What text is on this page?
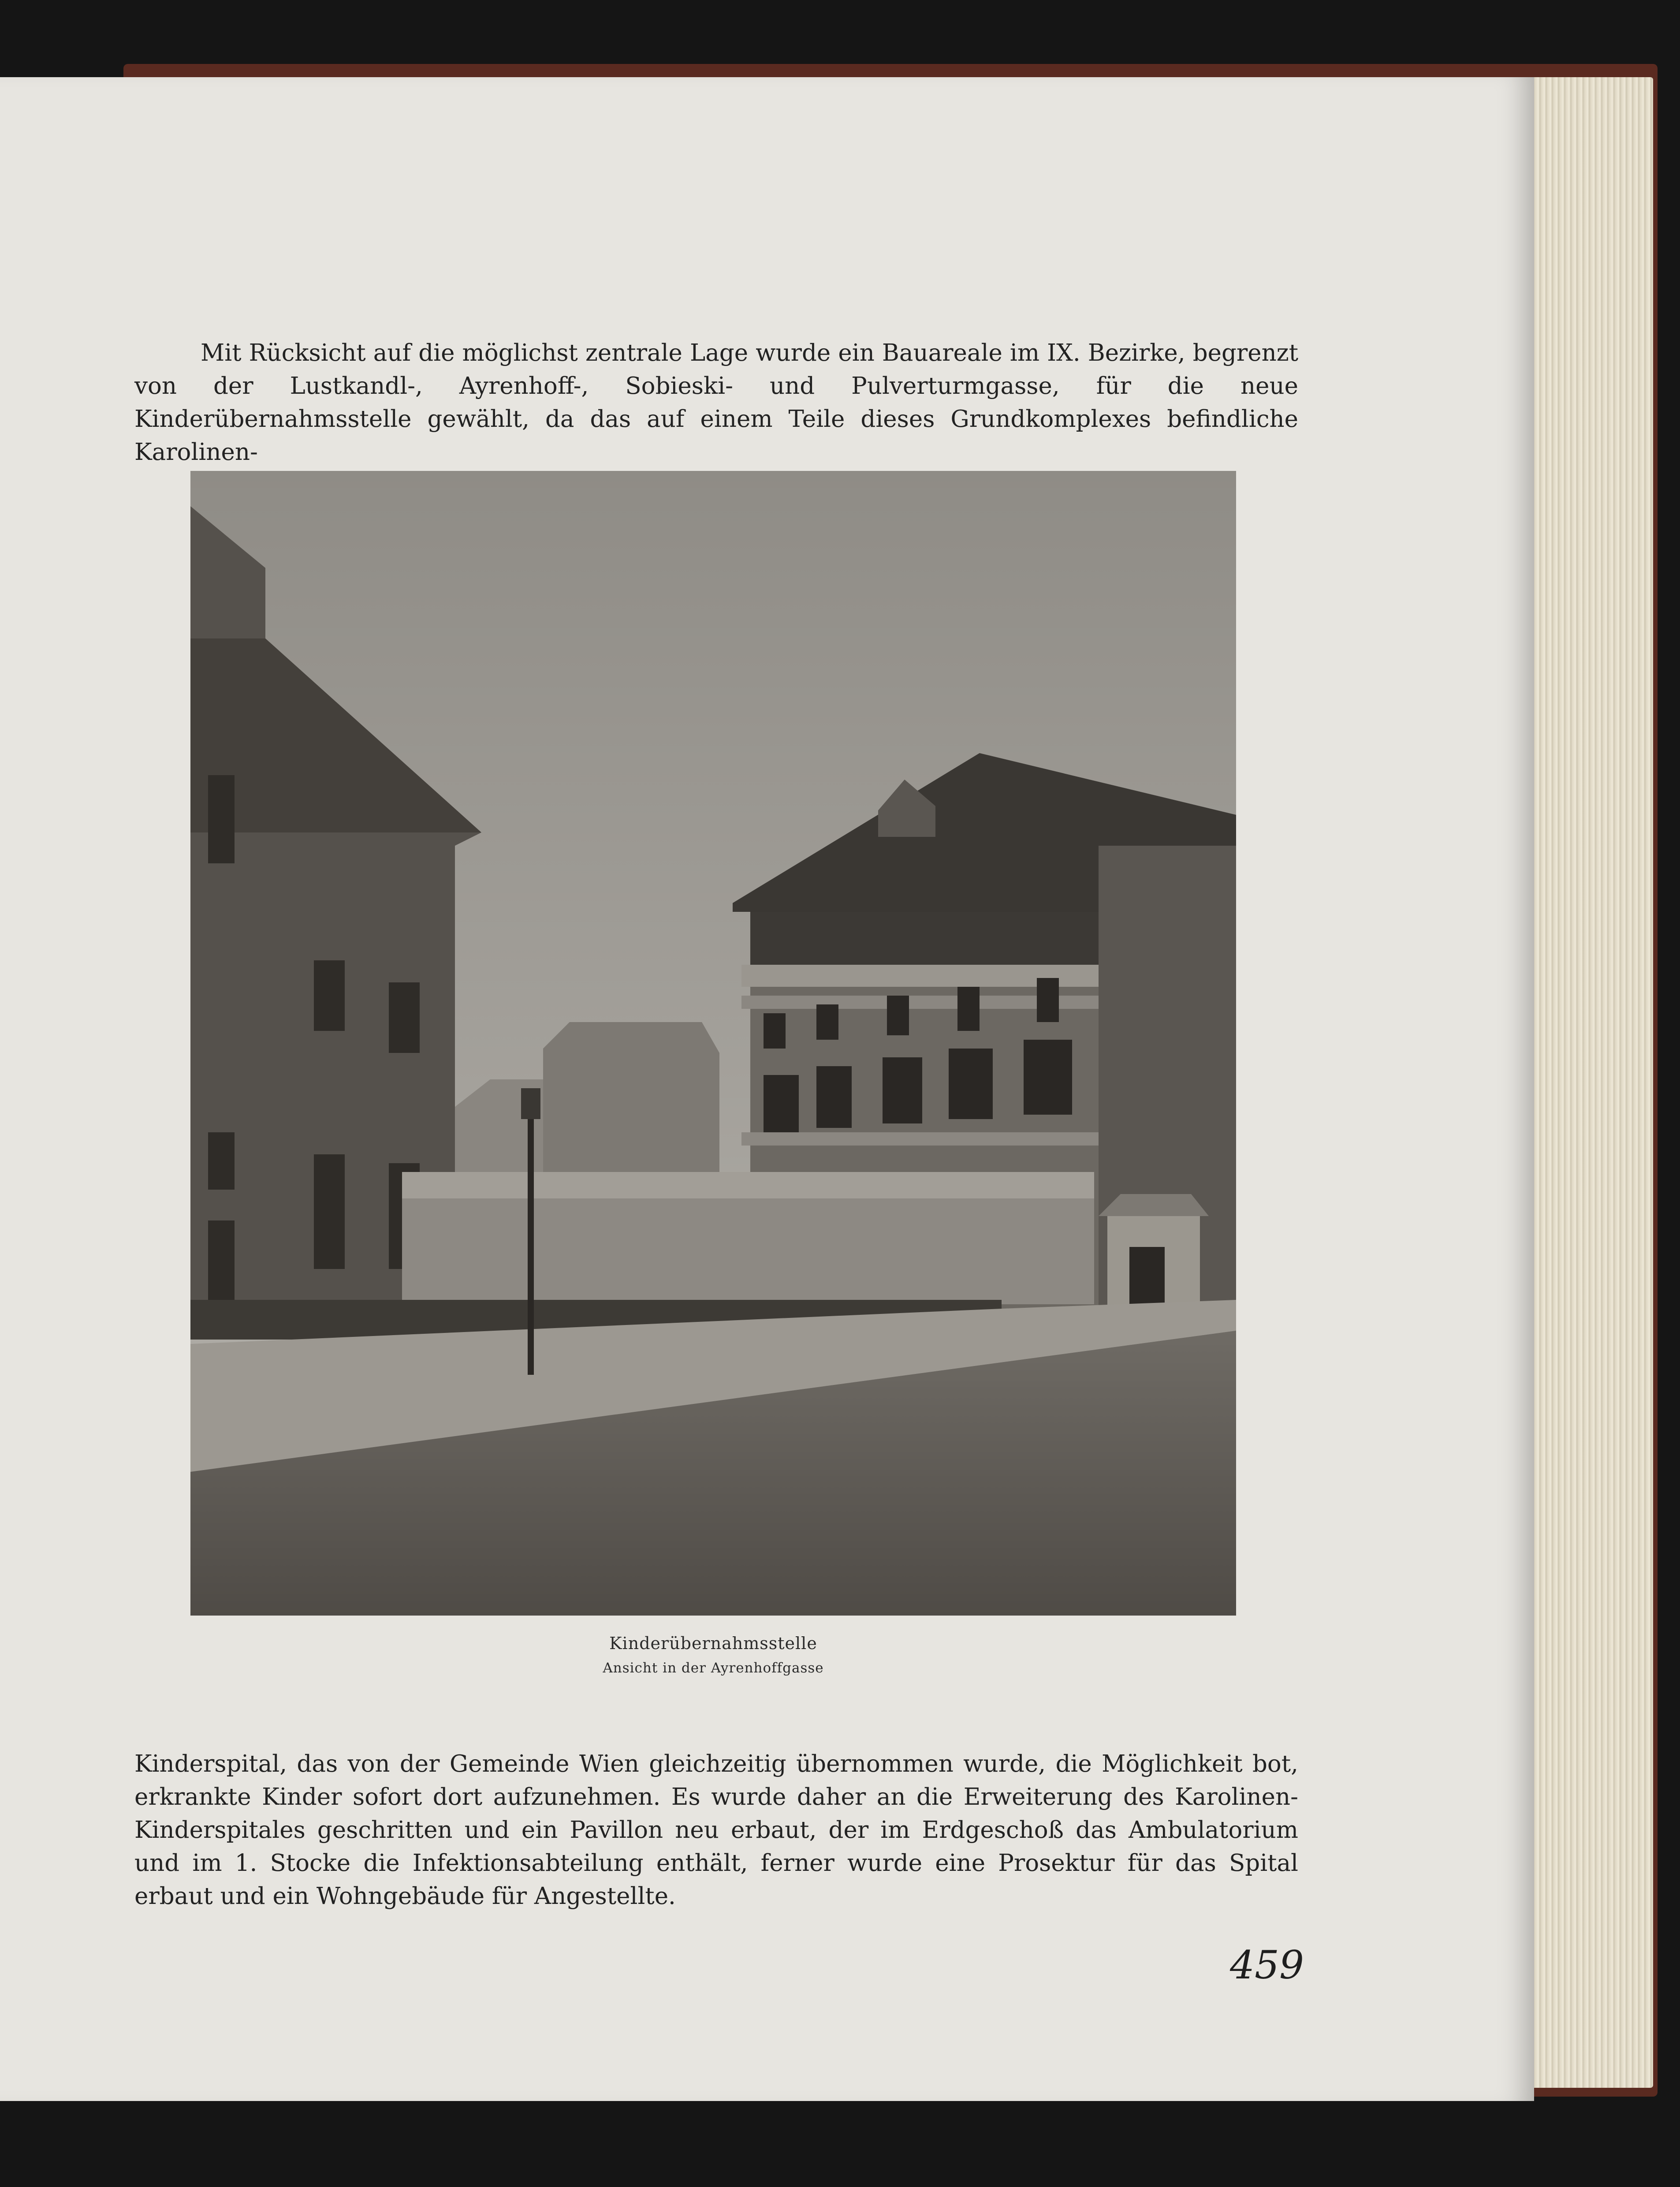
Mit Rücksicht auf die möglichst zentrale Lage wurde ein Bauareale im IX. Bezirke, begrenzt von der Lustkandl-, Ayrenhoff-, Sobieski- und Pulverturmgasse, für die neue Kinderübernahmsstelle gewählt, da das auf einem Teile dieses Grundkomplexes befindliche Karolinen-

Kinderübernahmsstelle
Ansicht in der Ayrenhoffgasse

Kinderspital, das von der Gemeinde Wien gleichzeitig übernommen wurde, die Möglichkeit bot, erkrankte Kinder sofort dort aufzunehmen. Es wurde daher an die Erweiterung des Karolinen-Kinderspitales geschritten und ein Pavillon neu erbaut, der im Erdgeschoß das Ambulatorium und im 1. Stocke die Infektionsabteilung enthält, ferner wurde eine Prosektur für das Spital erbaut und ein Wohngebäude für Angestellte.

459
